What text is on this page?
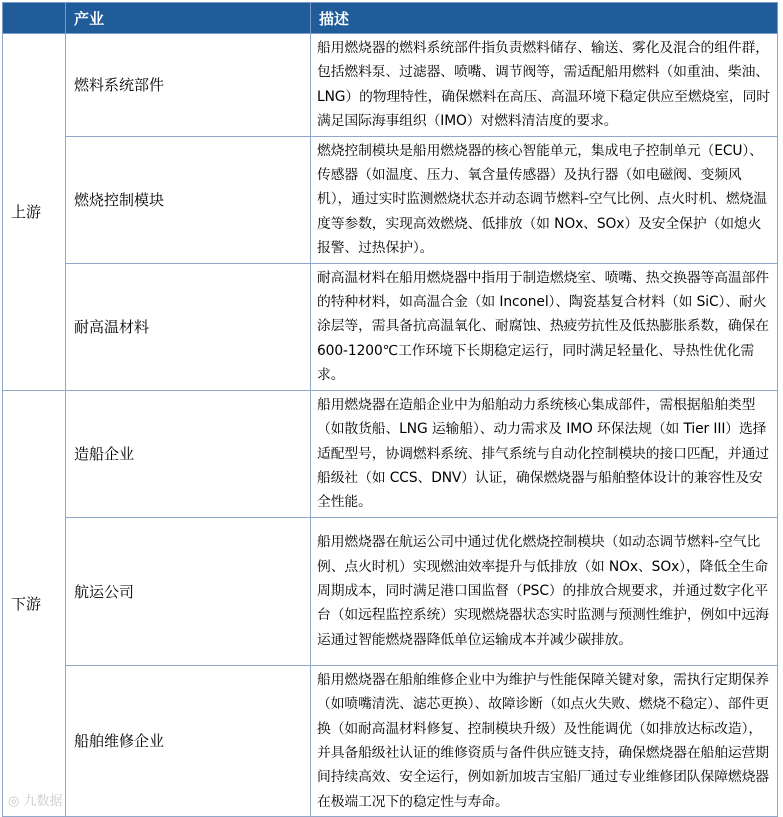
	产业	描述
上游	燃料系统部件	船用燃烧器的燃料系统部件指负责燃料储存、输送、雾化及混合的组件群，包括燃料泵、过滤器、喷嘴、调节阀等，需适配船用燃料（如重油、柴油、LNG）的物理特性，确保燃料在高压、高温环境下稳定供应至燃烧室，同时满足国际海事组织（IMO）对燃料清洁度的要求。
	燃烧控制模块	燃烧控制模块是船用燃烧器的核心智能单元，集成电子控制单元（ECU）、传感器（如温度、压力、氧含量传感器）及执行器（如电磁阀、变频风机），通过实时监测燃烧状态并动态调节燃料-空气比例、点火时机、燃烧温度等参数，实现高效燃烧、低排放（如 NOx、SOx）及安全保护（如熄火报警、过热保护）。
	耐高温材料	耐高温材料在船用燃烧器中指用于制造燃烧室、喷嘴、热交换器等高温部件的特种材料，如高温合金（如 Inconel）、陶瓷基复合材料（如 SiC）、耐火涂层等，需具备抗高温氧化、耐腐蚀、热疲劳抗性及低热膨胀系数，确保在 600-1200℃工作环境下长期稳定运行，同时满足轻量化、导热性优化需求。
下游	造船企业	船用燃烧器在造船企业中为船舶动力系统核心集成部件，需根据船舶类型（如散货船、LNG 运输船）、动力需求及 IMO 环保法规（如 Tier III）选择适配型号，协调燃料系统、排气系统与自动化控制模块的接口匹配，并通过船级社（如 CCS、DNV）认证，确保燃烧器与船舶整体设计的兼容性及安全性能。
	航运公司	船用燃烧器在航运公司中通过优化燃烧控制模块（如动态调节燃料-空气比例、点火时机）实现燃油效率提升与低排放（如 NOx、SOx），降低全生命周期成本，同时满足港口国监督（PSC）的排放合规要求，并通过数字化平台（如远程监控系统）实现燃烧器状态实时监测与预测性维护，例如中远海运通过智能燃烧器降低单位运输成本并减少碳排放。
	船舶维修企业	船用燃烧器在船舶维修企业中为维护与性能保障关键对象，需执行定期保养（如喷嘴清洗、滤芯更换）、故障诊断（如点火失败、燃烧不稳定）、部件更换（如耐高温材料修复、控制模块升级）及性能调优（如排放达标改造），并具备船级社认证的维修资质与备件供应链支持，确保燃烧器在船舶运营期间持续高效、安全运行，例如新加坡吉宝船厂通过专业维修团队保障燃烧器在极端工况下的稳定性与寿命。
◎ 九数据
